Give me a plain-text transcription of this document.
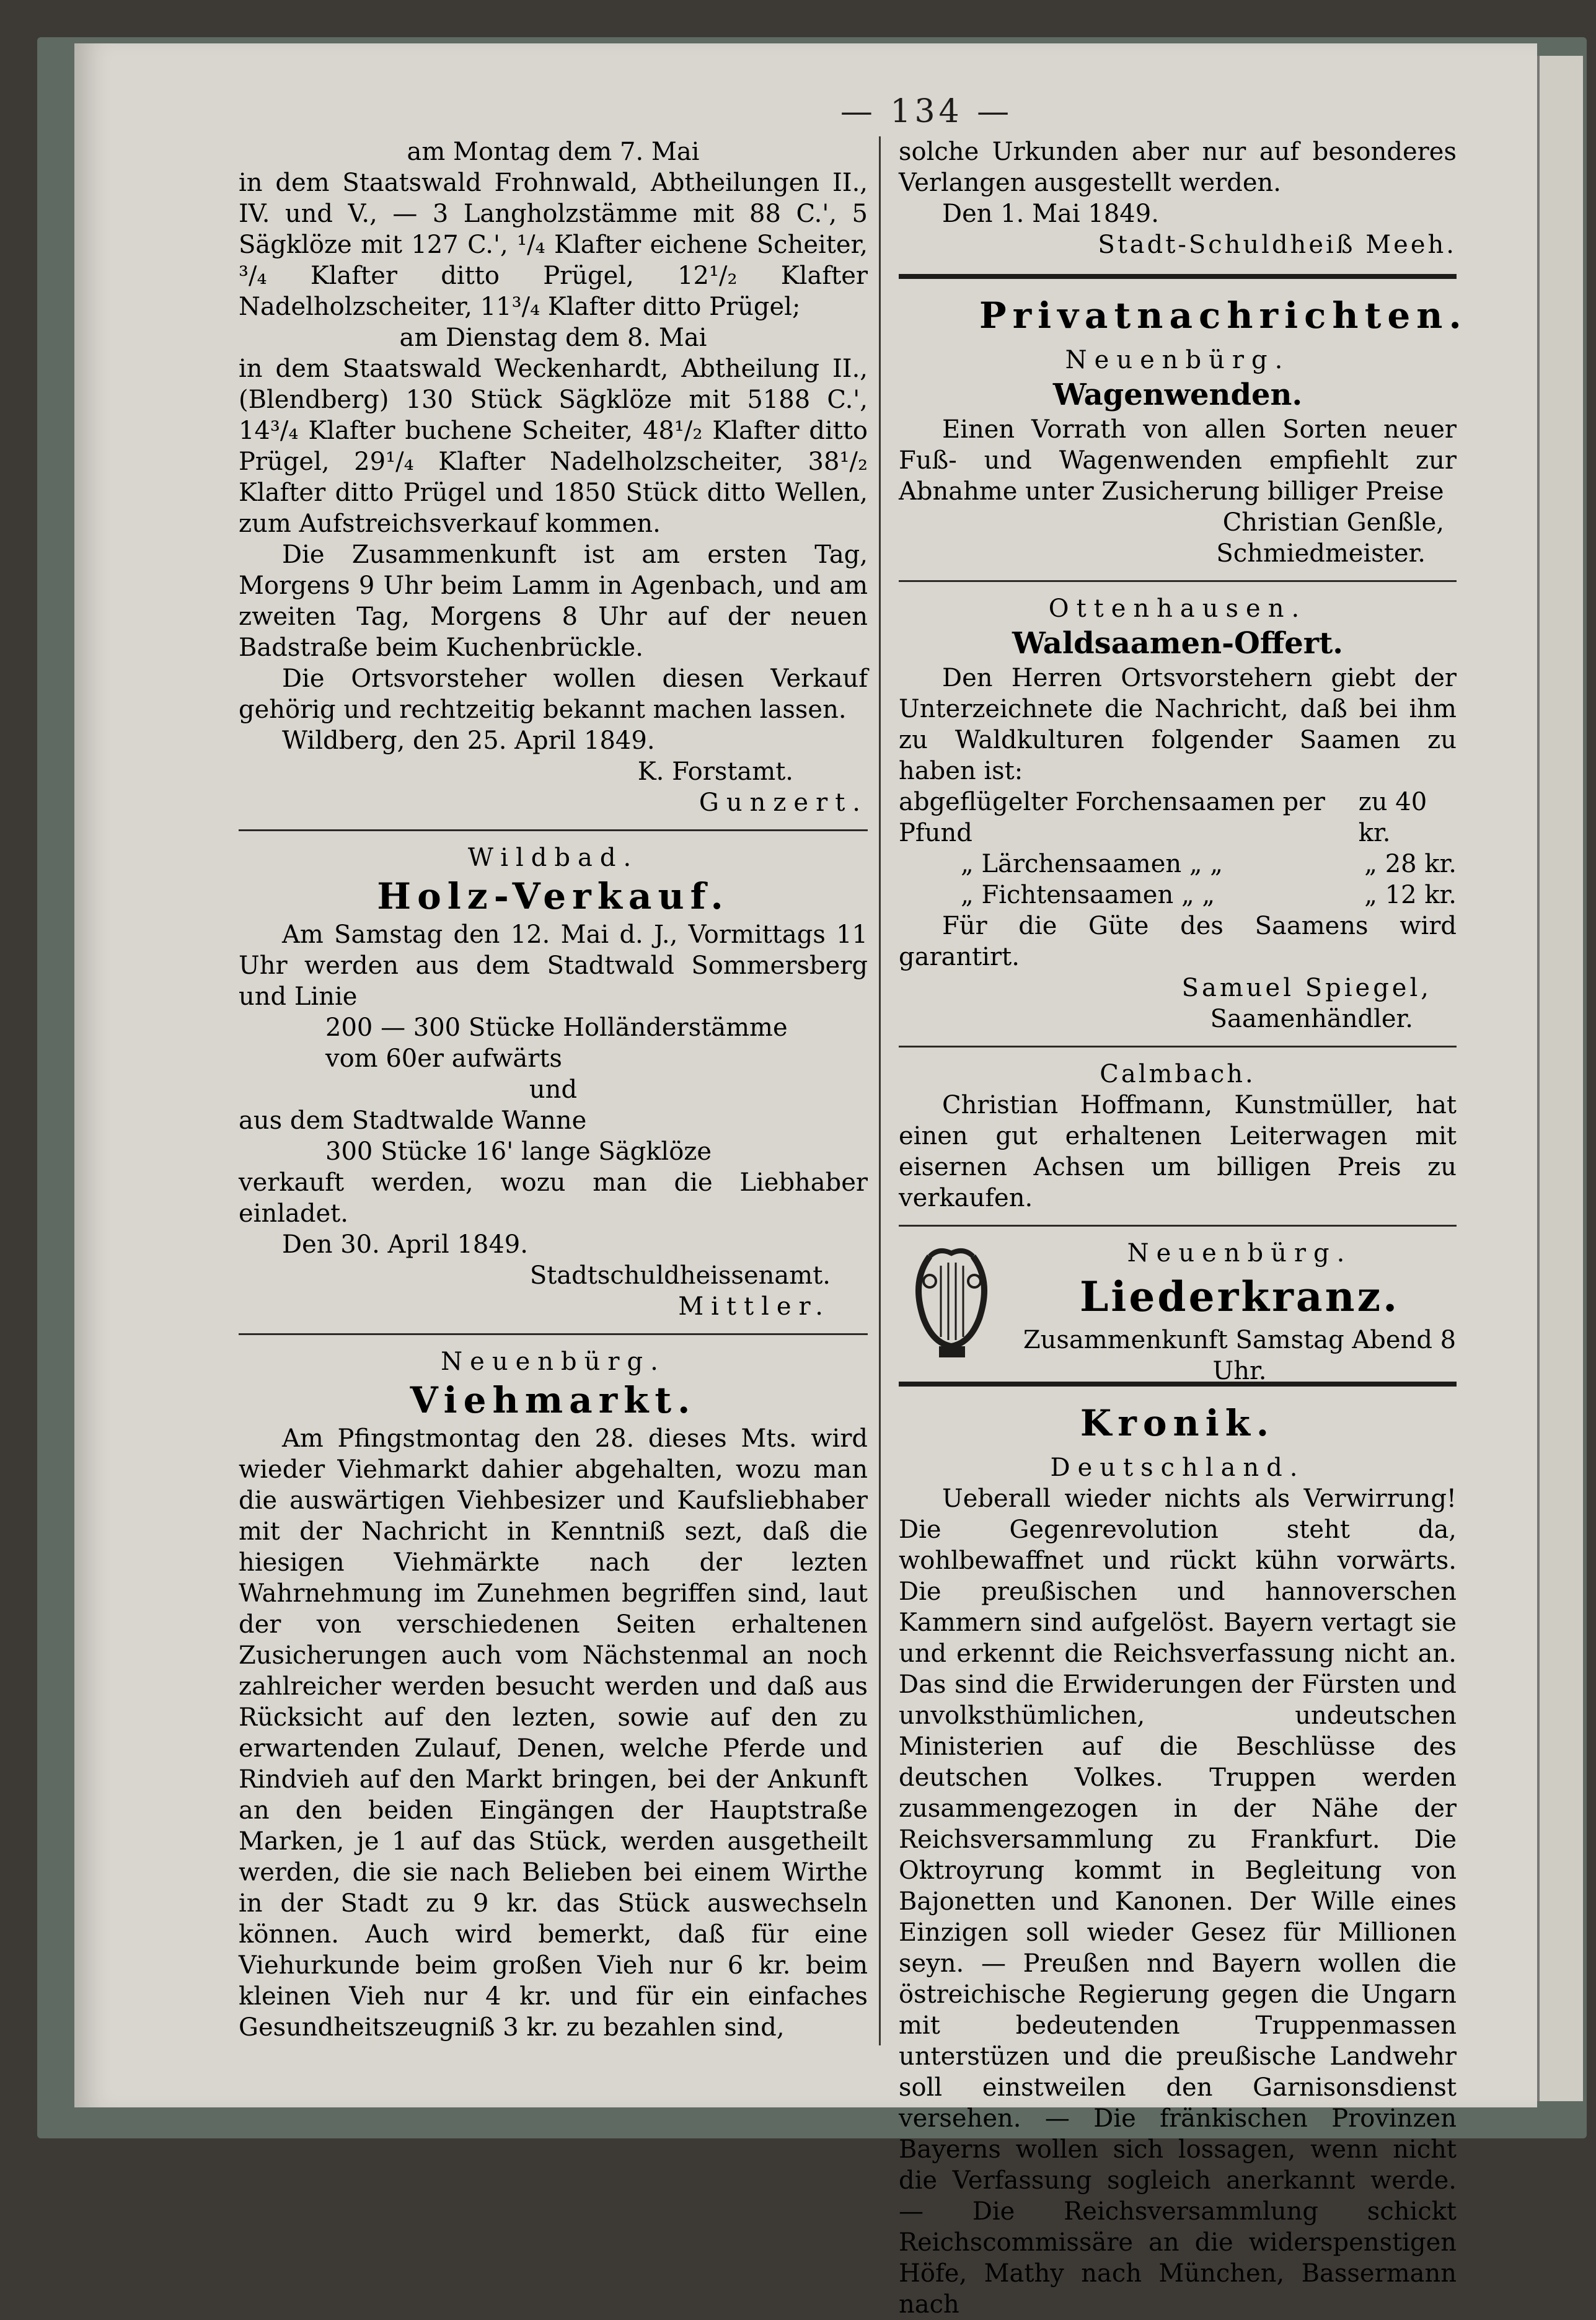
— 134 —

am Montag dem 7. Mai

in dem Staatswald Frohnwald, Abtheilungen II., IV. und V., — 3 Langholzstämme mit 88 C.', 5 Sägklöze mit 127 C.', ¹/₄ Klafter eichene Scheiter, ³/₄ Klafter ditto Prügel, 12¹/₂ Klafter Nadelholzscheiter, 11³/₄ Klafter ditto Prügel;

am Dienstag dem 8. Mai

in dem Staatswald Weckenhardt, Abtheilung II., (Blendberg) 130 Stück Sägklöze mit 5188 C.', 14³/₄ Klafter buchene Scheiter, 48¹/₂ Klafter ditto Prügel, 29¹/₄ Klafter Nadelholzscheiter, 38¹/₂ Klafter ditto Prügel und 1850 Stück ditto Wellen, zum Aufstreichsverkauf kommen.

Die Zusammenkunft ist am ersten Tag, Morgens 9 Uhr beim Lamm in Agenbach, und am zweiten Tag, Morgens 8 Uhr auf der neuen Badstraße beim Kuchenbrückle.

Die Ortsvorsteher wollen diesen Verkauf gehörig und rechtzeitig bekannt machen lassen.

Wildberg, den 25. April 1849.

K. Forstamt.

Gunzert.

Wildbad.

Holz-Verkauf.

Am Samstag den 12. Mai d. J., Vormittags 11 Uhr werden aus dem Stadtwald Sommersberg und Linie

200 — 300 Stücke Holländerstämme

vom 60er aufwärts

und

aus dem Stadtwalde Wanne

300 Stücke 16' lange Sägklöze

verkauft werden, wozu man die Liebhaber einladet.

Den 30. April 1849.

Stadtschuldheissenamt.

Mittler.

Neuenbürg.

Viehmarkt.

Am Pfingstmontag den 28. dieses Mts. wird wieder Viehmarkt dahier abgehalten, wozu man die auswärtigen Viehbesizer und Kaufsliebhaber mit der Nachricht in Kenntniß sezt, daß die hiesigen Viehmärkte nach der lezten Wahrnehmung im Zunehmen begriffen sind, laut der von verschiedenen Seiten erhaltenen Zusicherungen auch vom Nächstenmal an noch zahlreicher werden besucht werden und daß aus Rücksicht auf den lezten, sowie auf den zu erwartenden Zulauf, Denen, welche Pferde und Rindvieh auf den Markt bringen, bei der Ankunft an den beiden Eingängen der Hauptstraße Marken, je 1 auf das Stück, werden ausgetheilt werden, die sie nach Belieben bei einem Wirthe in der Stadt zu 9 kr. das Stück auswechseln können. Auch wird bemerkt, daß für eine Viehurkunde beim großen Vieh nur 6 kr. beim kleinen Vieh nur 4 kr. und für ein einfaches Gesundheitszeugniß 3 kr. zu bezahlen sind,

solche Urkunden aber nur auf besonderes Verlangen ausgestellt werden.

Den 1. Mai 1849.

Stadt-Schuldheiß Meeh.

Privatnachrichten.

Neuenbürg.

Wagenwenden.

Einen Vorrath von allen Sorten neuer Fuß- und Wagenwenden empfiehlt zur Abnahme unter Zusicherung billiger Preise

Christian Genßle,

Schmiedmeister.

Ottenhausen.

Waldsaamen-Offert.

Den Herren Ortsvorstehern giebt der Unterzeichnete die Nachricht, daß bei ihm zu Waldkulturen folgender Saamen zu haben ist:

abgeflügelter Forchensaamen per Pfund
zu 40 kr.
„ Lärchensaamen „ „	„ 28 kr.
„ Fichtensaamen „ „	„ 12 kr.

Für die Güte des Saamens wird garantirt.

Samuel Spiegel,

Saamenhändler.

Calmbach.

Christian Hoffmann, Kunstmüller, hat einen gut erhaltenen Leiterwagen mit eisernen Achsen um billigen Preis zu verkaufen.

Neuenbürg.

Liederkranz.

Zusammenkunft Samstag Abend 8 Uhr.

Kronik.

Deutschland.

Ueberall wieder nichts als Verwirrung! Die Gegenrevolution steht da, wohlbewaffnet und rückt kühn vorwärts. Die preußischen und hannoverschen Kammern sind aufgelöst. Bayern vertagt sie und erkennt die Reichsverfassung nicht an. Das sind die Erwiderungen der Fürsten und unvolksthümlichen, undeutschen Ministerien auf die Beschlüsse des deutschen Volkes. Truppen werden zusammengezogen in der Nähe der Reichsversammlung zu Frankfurt. Die Oktroyrung kommt in Begleitung von Bajonetten und Kanonen. Der Wille eines Einzigen soll wieder Gesez für Millionen seyn. — Preußen nnd Bayern wollen die östreichische Regierung gegen die Ungarn mit bedeutenden Truppenmassen unterstüzen und die preußische Landwehr soll einstweilen den Garnisonsdienst versehen. — Die fränkischen Provinzen Bayerns wollen sich lossagen, wenn nicht die Verfassung sogleich anerkannt werde. — Die Reichsversammlung schickt Reichscommissäre an die widerspenstigen Höfe, Mathy nach München, Bassermann nach
